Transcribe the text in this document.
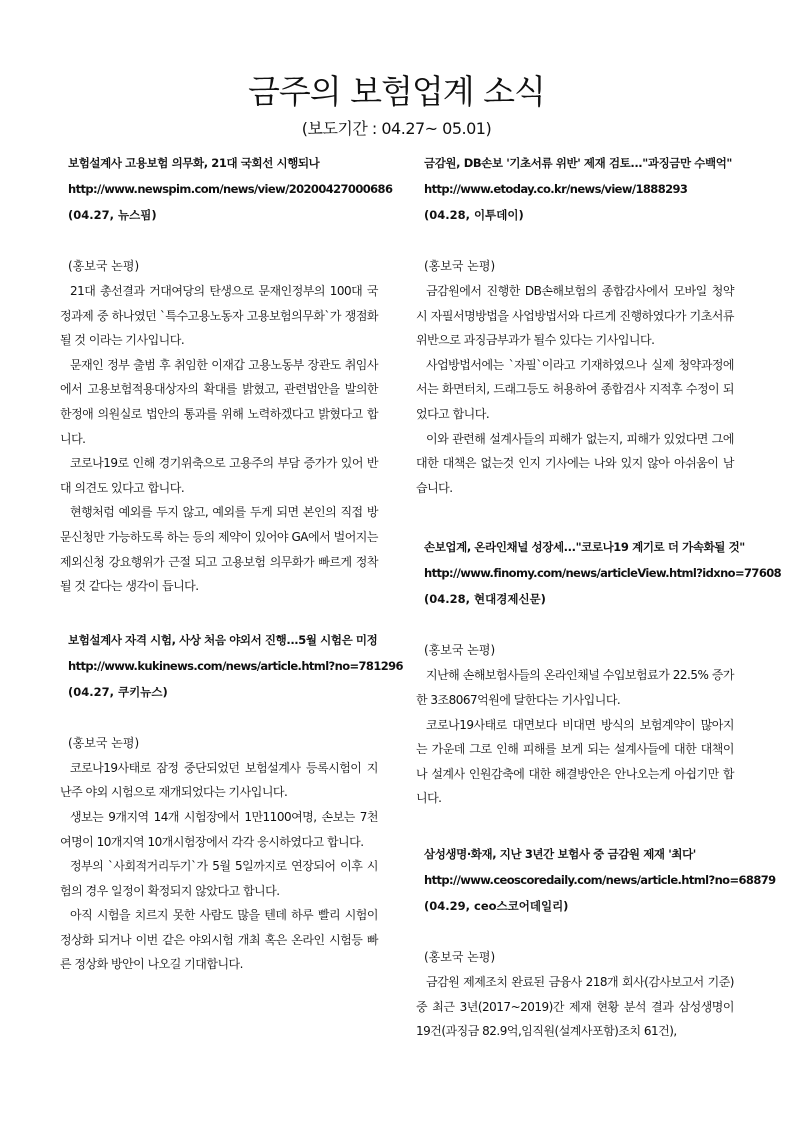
금주의 보험업계 소식
(보도기간 : 04.27~ 05.01)
보험설계사 고용보험 의무화, 21대 국회선 시행되나
http://www.newspim.com/news/view/20200427000686
(04.27, 뉴스핌)
(홍보국 논평)

21대 총선결과 거대여당의 탄생으로 문재인정부의 100대 국정과제 중 하나였던 `특수고용노동자 고용보험의무화`가 쟁점화 될 것 이라는 기사입니다.

문재인 정부 출범 후 취임한 이재갑 고용노동부 장관도 취임사에서 고용보험적용대상자의 확대를 밝혔고, 관련법안을 발의한 한정애 의원실로 법안의 통과를 위해 노력하겠다고 밝혔다고 합니다.

코로나19로 인해 경기위축으로 고용주의 부담 증가가 있어 반대 의견도 있다고 합니다.

현행처럼 예외를 두지 않고, 예외를 두게 되면 본인의 직접 방문신청만 가능하도록 하는 등의 제약이 있어야 GA에서 벌어지는 제외신청 강요행위가 근절 되고 고용보험 의무화가 빠르게 정착 될 것 같다는 생각이 듭니다.

보험설계사 자격 시험, 사상 처음 야외서 진행...5월 시험은 미정
http://www.kukinews.com/news/article.html?no=781296
(04.27, 쿠키뉴스)
(홍보국 논평)

코로나19사태로 잠정 중단되었던 보험설계사 등록시험이 지난주 야외 시험으로 재개되었다는 기사입니다.

생보는 9개지역 14개 시험장에서 1만1100여명, 손보는 7천여명이 10개지역 10개시험장에서 각각 응시하였다고 합니다.

정부의 `사회적거리두기`가 5월 5일까지로 연장되어 이후 시험의 경우 일정이 확정되지 않았다고 합니다.

아직 시험을 치르지 못한 사람도 많을 텐데 하루 빨리 시험이 정상화 되거나 이번 같은 야외시험 개최 혹은 온라인 시험등 빠른 정상화 방안이 나오길 기대합니다.

금감원, DB손보 '기초서류 위반' 제재 검토..."과징금만 수백억"
http://www.etoday.co.kr/news/view/1888293
(04.28, 이투데이)
(홍보국 논평)

금감원에서 진행한 DB손해보험의 종합감사에서 모바일 청약시 자필서명방법을 사업방법서와 다르게 진행하였다가 기초서류위반으로 과징금부과가 될수 있다는 기사입니다.

사업방법서에는 `자필`이라고 기재하였으나 실제 청약과정에서는 화면터치, 드래그등도 허용하여 종합검사 지적후 수정이 되었다고 합니다.

이와 관련해 설계사들의 피해가 없는지, 피해가 있었다면 그에 대한 대책은 없는것 인지 기사에는 나와 있지 않아 아쉬움이 남습니다.

손보업계, 온라인채널 성장세..."코로나19 계기로 더 가속화될 것"
http://www.finomy.com/news/articleView.html?idxno=77608
(04.28, 현대경제신문)
(홍보국 논평)

지난해 손해보험사들의 온라인채널 수입보험료가 22.5% 증가한 3조8067억원에 달한다는 기사입니다.

코로나19사태로 대면보다 비대면 방식의 보험계약이 많아지는 가운데 그로 인해 피해를 보게 되는 설계사들에 대한 대책이나 설계사 인원감축에 대한 해결방안은 안나오는게 아쉽기만 합니다.

삼성생명·화재, 지난 3년간 보험사 중 금감원 제재 '최다'
http://www.ceoscoredaily.com/news/article.html?no=68879
(04.29, ceo스코어데일리)
(홍보국 논평)

금감원 제제조치 완료된 금융사 218개 회사(감사보고서 기준)중 최근 3년(2017~2019)간 제재 현황 분석 결과 삼성생명이 19건(과징금 82.9억,임직원(설계사포함)조치 61건),
